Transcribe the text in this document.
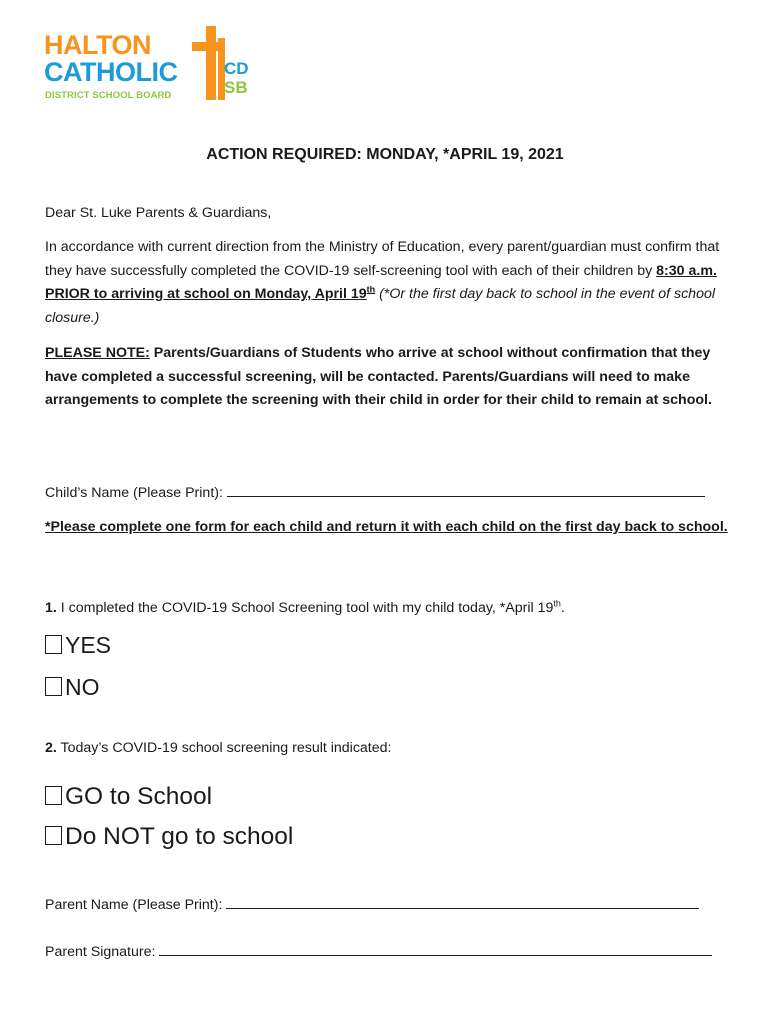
HALTON
CATHOLIC
DISTRICT SCHOOL BOARD
CD
SB
ACTION REQUIRED: MONDAY, *APRIL 19, 2021
Dear St. Luke Parents & Guardians,
In accordance with current direction from the Ministry of Education, every parent/guardian must confirm that they have successfully completed the COVID-19 self-screening tool with each of their children by 8:30 a.m. PRIOR to arriving at school on Monday, April 19th (*Or the first day back to school in the event of school closure.)
PLEASE NOTE: Parents/Guardians of Students who arrive at school without confirmation that they have completed a successful screening, will be contacted. Parents/Guardians will need to make arrangements to complete the screening with their child in order for their child to remain at school.
Child’s Name (Please Print):
*Please complete one form for each child and return it with each child on the first day back to school.
1. I completed the COVID-19 School Screening tool with my child today, *April 19th.
YES
NO
2. Today’s COVID-19 school screening result indicated:
GO to School
Do NOT go to school
Parent Name (Please Print):
Parent Signature:
